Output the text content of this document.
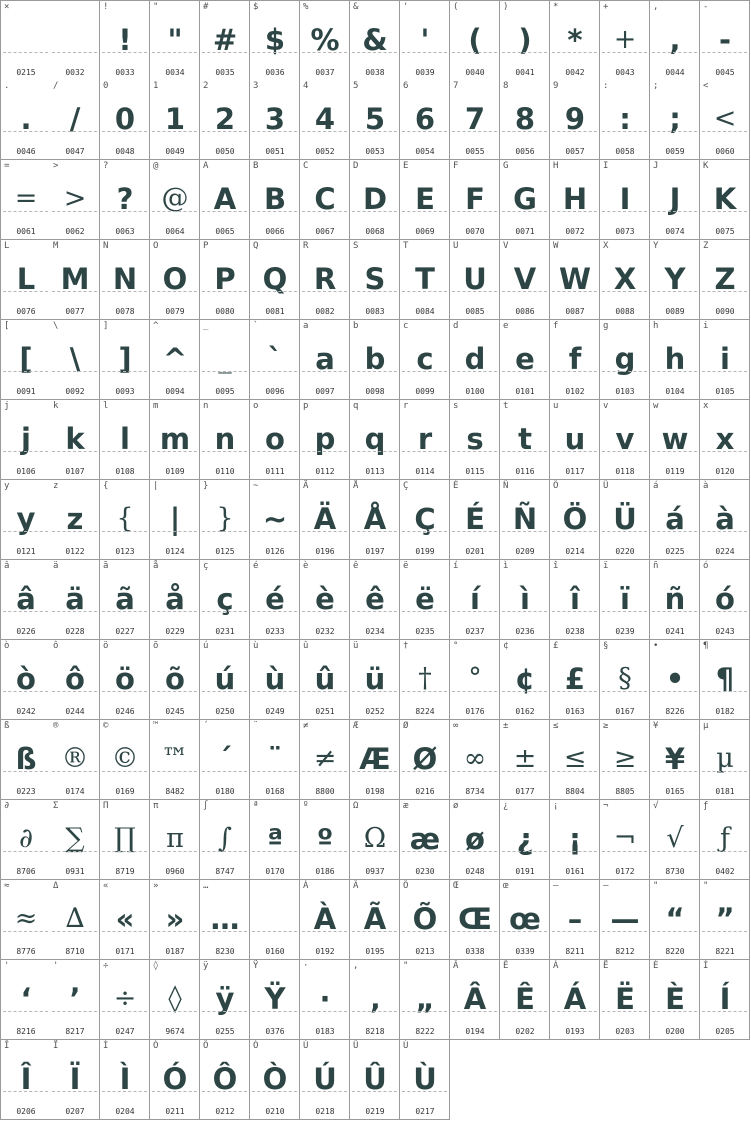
×
0215	0032
!
!
0033
"
"
0034
#
#
0035
$
$
0036
%
%
0037
&
&
0038
'
'
0039
(
(
0040
)
)
0041
*
*
0042
+
+
0043
,
,
0044
-
-
0045
.
.
0046
/
/
0047
0
0
0048
1
1
0049
2
2
0050
3
3
0051
4
4
0052
5
5
0053
6
6
0054
7
7
0055
8
8
0056
9
9
0057
:
:
0058
;
;
0059
<
<
0060
=
=
0061
>
>
0062
?
?
0063
@
@
0064
A
A
0065
B
B
0066
C
C
0067
D
D
0068
E
E
0069
F
F
0070
G
G
0071
H
H
0072
I
I
0073
J
J
0074
K
K
0075
L
L
0076
M
M
0077
N
N
0078
O
O
0079
P
P
0080
Q
Q
0081
R
R
0082
S
S
0083
T
T
0084
U
U
0085
V
V
0086
W
W
0087
X
X
0088
Y
Y
0089
Z
Z
0090
[
[
0091
\
\
0092
]
]
0093
^
^
0094
_
_
0095
`
`
0096
a
a
0097
b
b
0098
c
c
0099
d
d
0100
e
e
0101
f
f
0102
g
g
0103
h
h
0104
i
i
0105
j
j
0106
k
k
0107
l
l
0108
m
m
0109
n
n
0110
o
o
0111
p
p
0112
q
q
0113
r
r
0114
s
s
0115
t
t
0116
u
u
0117
v
v
0118
w
w
0119
x
x
0120
y
y
0121
z
z
0122
{
{
0123
|
|
0124
}
}
0125
~
~
0126
Ä
Ä
0196
Å
Å
0197
Ç
Ç
0199
É
É
0201
Ñ
Ñ
0209
Ö
Ö
0214
Ü
Ü
0220
á
á
0225
à
à
0224
â
â
0226
ä
ä
0228
ã
ã
0227
å
å
0229
ç
ç
0231
é
é
0233
è
è
0232
ê
ê
0234
ë
ë
0235
í
í
0237
ì
ì
0236
î
î
0238
ï
ï
0239
ñ
ñ
0241
ó
ó
0243
ò
ò
0242
ô
ô
0244
ö
ö
0246
õ
õ
0245
ú
ú
0250
ù
ù
0249
û
û
0251
ü
ü
0252
†
†
8224
°
°
0176
¢
¢
0162
£
£
0163
§
§
0167
•
•
8226
¶
¶
0182
ß
ß
0223
®
®
0174
©
©
0169
™
™
8482
´
´
0180
¨
¨
0168
≠
≠
8800
Æ
Æ
0198
Ø
Ø
0216
∞
∞
8734
±
±
0177
≤
≤
8804
≥
≥
8805
¥
¥
0165
µ
µ
0181
∂
∂
8706
Σ
∑
0931
Π
∏
8719
π
π
0960
∫
∫
8747
ª
ª
0170
º
º
0186
Ω
Ω
0937
æ
æ
0230
ø
ø
0248
¿
¿
0191
¡
¡
0161
¬
¬
0172
√
√
8730
ƒ
ƒ
0402
≈
≈
8776
Δ
∆
8710
«
«
0171
»
»
0187
…
…
8230	0160
À
À
0192
Ã
Ã
0195
Õ
Õ
0213
Œ
Œ
0338
œ
œ
0339
–
–
8211
—
—
8212
"
“
8220
"
”
8221
'
‘
8216
'
’
8217
÷
÷
0247
◊
◊
9674
ÿ
ÿ
0255
Ÿ
Ÿ
0376
·
·
0183
,
‚
8218
"
„
8222
Â
Â
0194
Ê
Ê
0202
Á
Á
0193
Ë
Ë
0203
È
È
0200
Í
Í
0205
Î
Î
0206
Ï
Ï
0207
Ì
Ì
0204
Ó
Ó
0211
Ô
Ô
0212
Ò
Ò
0210
Ú
Ú
0218
Û
Û
0219
Ù
Ù
0217
